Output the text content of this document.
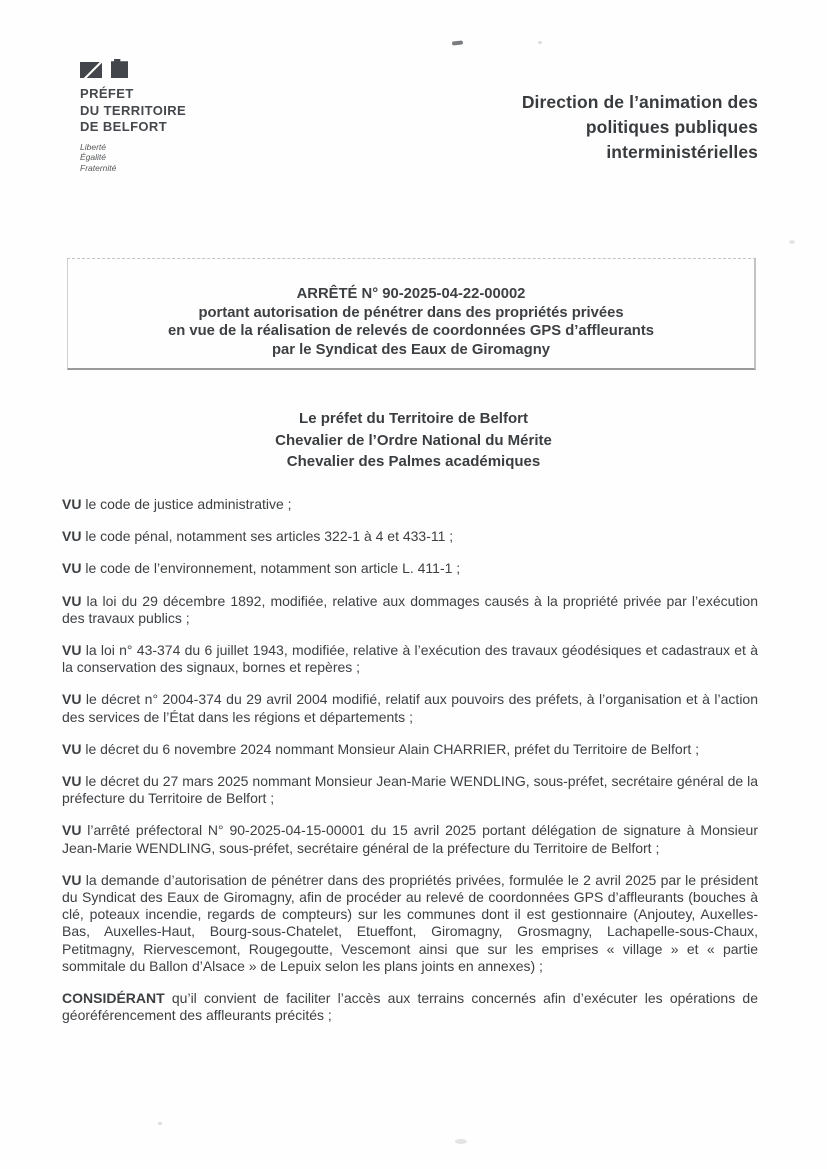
PRÉFET
DU TERRITOIRE
DE BELFORT
Liberté
Égalité
Fraternité
Direction de l’animation des
politiques publiques
interministérielles
ARRÊTÉ N° 90-2025-04-22-00002
portant autorisation de pénétrer dans des propriétés privées
en vue de la réalisation de relevés de coordonnées GPS d’affleurants
par le Syndicat des Eaux de Giromagny
Le préfet du Territoire de Belfort
Chevalier de l’Ordre National du Mérite
Chevalier des Palmes académiques

VU le code de justice administrative ;

VU le code pénal, notamment ses articles 322-1 à 4 et 433-11 ;

VU le code de l’environnement, notamment son article L. 411-1 ;

VU la loi du 29 décembre 1892, modifiée, relative aux dommages causés à la propriété privée par l’exécution des travaux publics ;

VU la loi n° 43-374 du 6 juillet 1943, modifiée, relative à l’exécution des travaux géodésiques et cadastraux et à la conservation des signaux, bornes et repères ;

VU le décret n° 2004-374 du 29 avril 2004 modifié, relatif aux pouvoirs des préfets, à l’organisation et à l’action des services de l’État dans les régions et départements ;

VU le décret du 6 novembre 2024 nommant Monsieur Alain CHARRIER, préfet du Territoire de Belfort ;

VU le décret du 27 mars 2025 nommant Monsieur Jean-Marie WENDLING, sous-préfet, secrétaire général de la préfecture du Territoire de Belfort ;

VU l’arrêté préfectoral N° 90-2025-04-15-00001 du 15 avril 2025 portant délégation de signature à Monsieur Jean-Marie WENDLING, sous-préfet, secrétaire général de la préfecture du Territoire de Belfort ;

VU la demande d’autorisation de pénétrer dans des propriétés privées, formulée le 2 avril 2025 par le président du Syndicat des Eaux de Giromagny, afin de procéder au relevé de coordonnées GPS d’affleurants (bouches à clé, poteaux incendie, regards de compteurs) sur les communes dont il est gestionnaire (Anjoutey, Auxelles-Bas, Auxelles-Haut, Bourg-sous-Chatelet, Etueffont, Giromagny, Grosmagny, Lachapelle-sous-Chaux, Petitmagny, Riervescemont, Rougegoutte, Vescemont ainsi que sur les emprises « village » et « partie sommitale du Ballon d’Alsace » de Lepuix selon les plans joints en annexes) ;

CONSIDÉRANT qu’il convient de faciliter l’accès aux terrains concernés afin d’exécuter les opérations de géoréférencement des affleurants précités ;
